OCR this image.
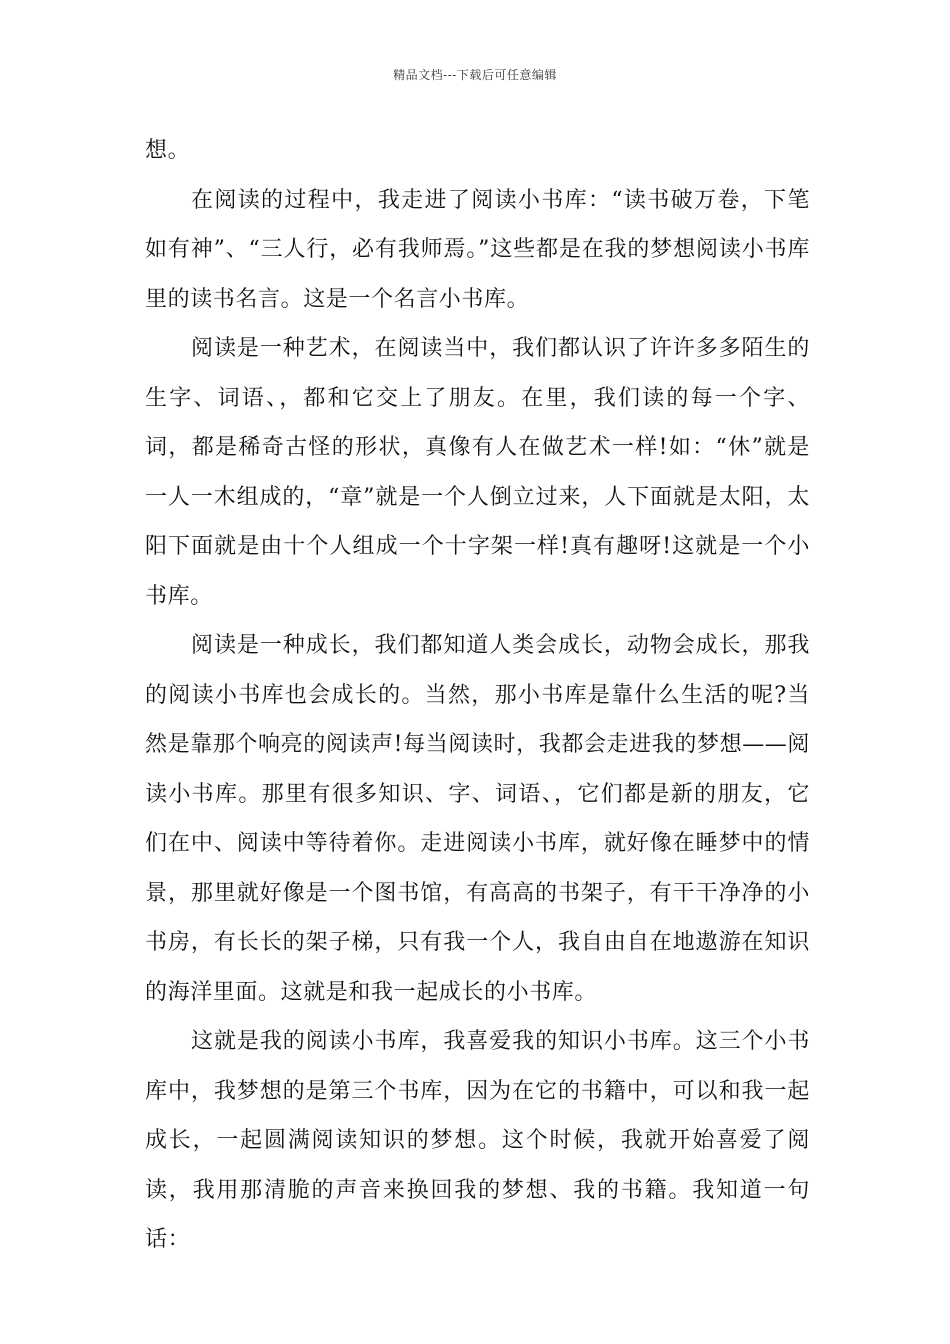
精品文档---下载后可任意编辑

想。

在阅读的过程中，我走进了阅读小书库：“读书破万卷，下笔如有神”、“三人行，必有我师焉。”这些都是在我的梦想阅读小书库里的读书名言。这是一个名言小书库。

阅读是一种艺术，在阅读当中，我们都认识了许许多多陌生的生字、词语、，都和它交上了朋友。在里，我们读的每一个字、词，都是稀奇古怪的形状，真像有人在做艺术一样!如：“休”就是一人一木组成的，“章”就是一个人倒立过来，人下面就是太阳，太阳下面就是由十个人组成一个十字架一样!真有趣呀!这就是一个小书库。

阅读是一种成长，我们都知道人类会成长，动物会成长，那我的阅读小书库也会成长的。当然，那小书库是靠什么生活的呢?当然是靠那个响亮的阅读声!每当阅读时，我都会走进我的梦想——阅读小书库。那里有很多知识、字、词语、，它们都是新的朋友，它们在中、阅读中等待着你。走进阅读小书库，就好像在睡梦中的情景，那里就好像是一个图书馆，有高高的书架子，有干干净净的小书房，有长长的架子梯，只有我一个人，我自由自在地遨游在知识的海洋里面。这就是和我一起成长的小书库。

这就是我的阅读小书库，我喜爱我的知识小书库。这三个小书库中，我梦想的是第三个书库，因为在它的书籍中，可以和我一起成长，一起圆满阅读知识的梦想。这个时候，我就开始喜爱了阅读，我用那清脆的声音来换回我的梦想、我的书籍。我知道一句话：
